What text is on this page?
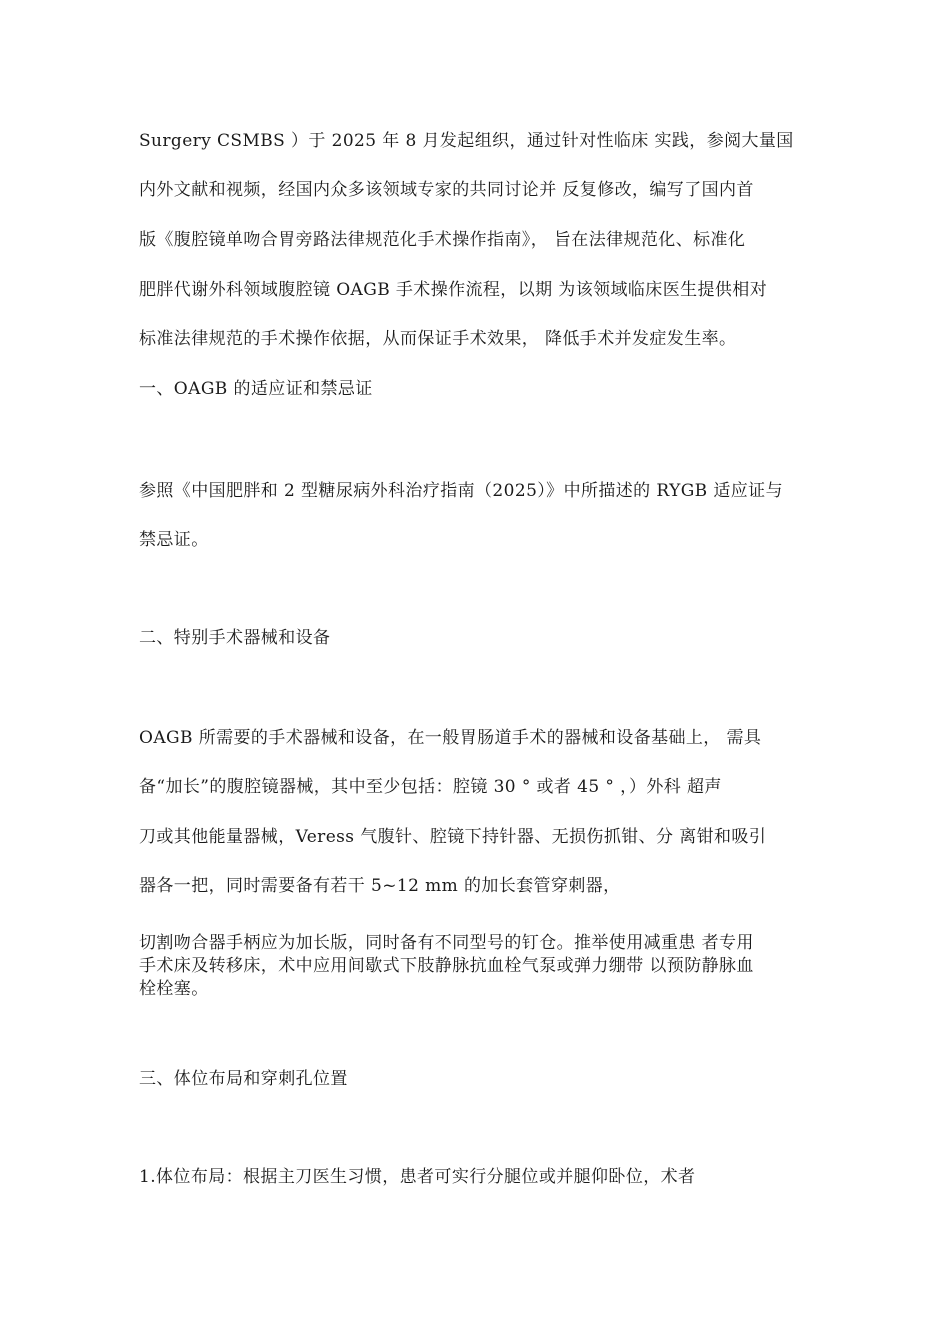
Surgery CSMBS ）于 2025 年 8 月发起组织，通过针对性临床 实践，参阅大量国
内外文献和视频，经国内众多该领域专家的共同讨论并 反复修改，编写了国内首
版《腹腔镜单吻合胃旁路法律规范化手术操作指南》， 旨在法律规范化、标准化
肥胖代谢外科领域腹腔镜 OAGB 手术操作流程，以期 为该领域临床医生提供相对
标准法律规范的手术操作依据，从而保证手术效果， 降低手术并发症发生率。
一、OAGB 的适应证和禁忌证
参照《中国肥胖和 2 型糖尿病外科治疗指南（2025）》中所描述的 RYGB 适应证与
禁忌证。
二、特别手术器械和设备
OAGB 所需要的手术器械和设备，在一般胃肠道手术的器械和设备基础上， 需具
备“加长”的腹腔镜器械，其中至少包括：腔镜 30 ° 或者 45 ° ，）外科 超声
刀或其他能量器械，Veress 气腹针、腔镜下持针器、无损伤抓钳、分 离钳和吸引
器各一把，同时需要备有若干 5~12 mm 的加长套管穿刺器，
切割吻合器手柄应为加长版，同时备有不同型号的钉仓。推举使用减重患 者专用
手术床及转移床，术中应用间歇式下肢静脉抗血栓气泵或弹力绷带 以预防静脉血
栓栓塞。
三、体位布局和穿刺孔位置
1.体位布局：根据主刀医生习惯，患者可实行分腿位或并腿仰卧位，术者
